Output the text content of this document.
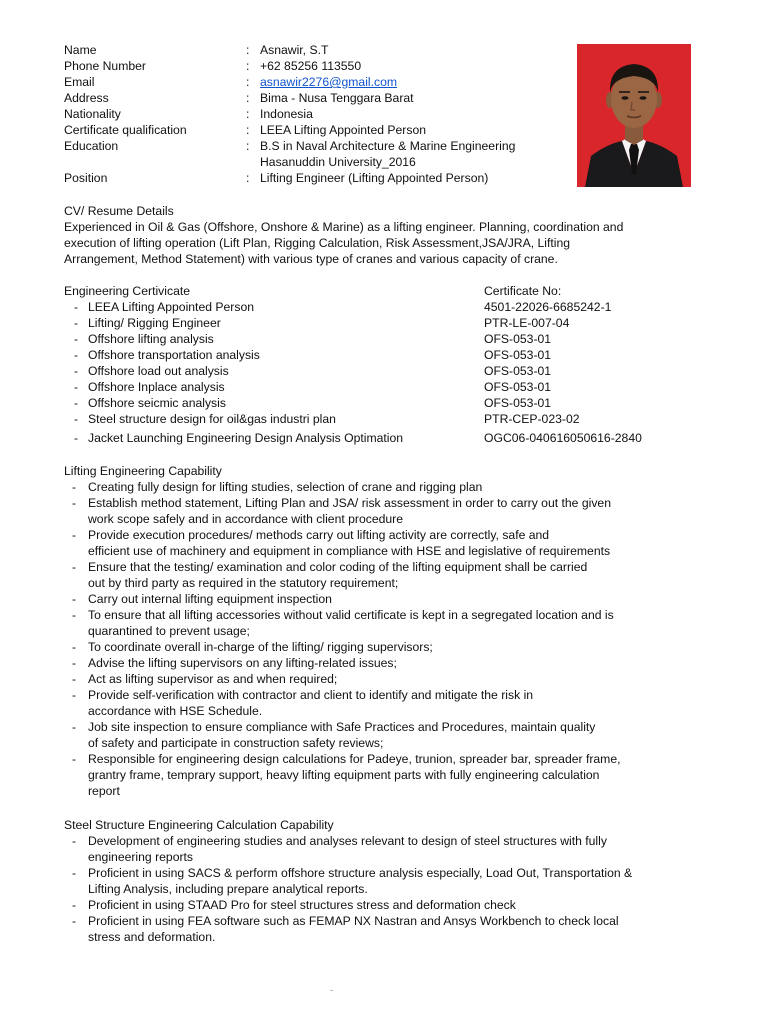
Name	: Asnawir, S.T
Phone Number	: +62 85256 113550
Email	: asnawir2276@gmail.com
Address	: Bima - Nusa Tenggara Barat
Nationality	: Indonesia
Certificate qualification	: LEEA Lifting Appointed Person
Education	: B.S in Naval Architecture & Marine Engineering
Hasanuddin University_2016
Position	: Lifting Engineer (Lifting Appointed Person)
CV/ Resume Details
Experienced in Oil & Gas (Offshore, Onshore & Marine) as a lifting engineer. Planning, coordination and
execution of lifting operation (Lift Plan, Rigging Calculation, Risk Assessment,JSA/JRA, Lifting
Arrangement, Method Statement) with various type of cranes and various capacity of crane.
Engineering Certivicate	Certificate No:
- LEEA Lifting Appointed Person	4501-22026-6685242-1
- Lifting/ Rigging Engineer	PTR-LE-007-04
- Offshore lifting analysis	OFS-053-01
- Offshore transportation analysis	OFS-053-01
- Offshore load out analysis	OFS-053-01
- Offshore Inplace analysis	OFS-053-01
- Offshore seicmic analysis	OFS-053-01
- Steel structure design for oil&gas industri plan	PTR-CEP-023-02
- Jacket Launching Engineering Design Analysis Optimation	OGC06-040616050616-2840
Lifting Engineering Capability
- Creating fully design for lifting studies, selection of crane and rigging plan
- Establish method statement, Lifting Plan and JSA/ risk assessment in order to carry out the given
work scope safely and in accordance with client procedure
- Provide execution procedures/ methods carry out lifting activity are correctly, safe and
efficient use of machinery and equipment in compliance with HSE and legislative of requirements
- Ensure that the testing/ examination and color coding of the lifting equipment shall be carried
out by third party as required in the statutory requirement;
- Carry out internal lifting equipment inspection
- To ensure that all lifting accessories without valid certificate is kept in a segregated location and is
quarantined to prevent usage;
- To coordinate overall in-charge of the lifting/ rigging supervisors;
- Advise the lifting supervisors on any lifting-related issues;
- Act as lifting supervisor as and when required;
- Provide self-verification with contractor and client to identify and mitigate the risk in
accordance with HSE Schedule.
- Job site inspection to ensure compliance with Safe Practices and Procedures, maintain quality
of safety and participate in construction safety reviews;
- Responsible for engineering design calculations for Padeye, trunion, spreader bar, spreader frame,
grantry frame, temprary support, heavy lifting equipment parts with fully engineering calculation
report
Steel Structure Engineering Calculation Capability
- Development of engineering studies and analyses relevant to design of steel structures with fully
engineering reports
- Proficient in using SACS & perform offshore structure analysis especially, Load Out, Transportation &
Lifting Analysis, including prepare analytical reports.
- Proficient in using STAAD Pro for steel structures stress and deformation check
- Proficient in using FEA software such as FEMAP NX Nastran and Ansys Workbench to check local
stress and deformation.
